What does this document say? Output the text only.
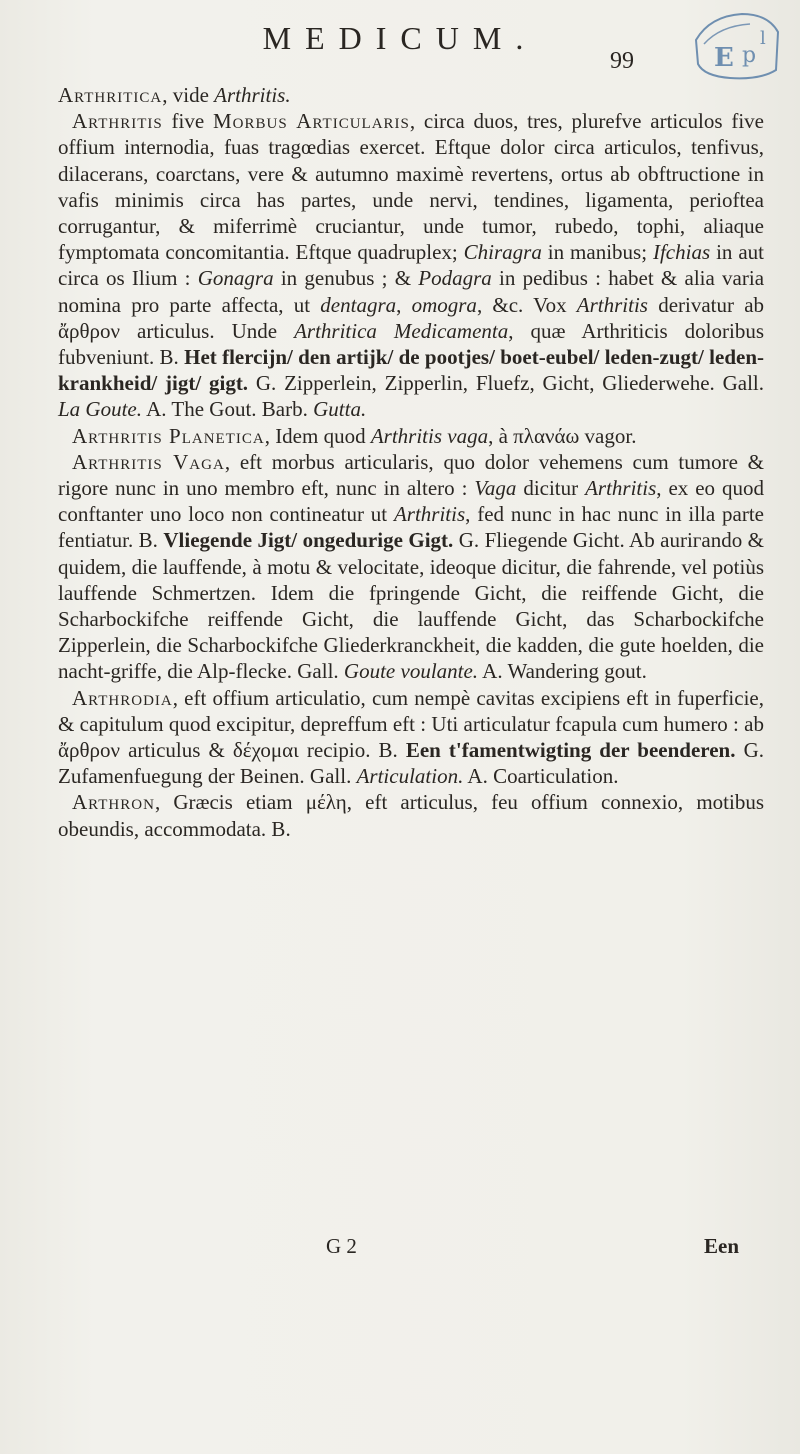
MEDICUM.
99	E p
l

Arthritica, vide Arthritis.

Arthritis five Morbus Articularis, circa duos, tres, plurefve articulos five offium internodia, fuas tragœdias exercet. Eftque dolor circa articulos, tenfivus, dilacerans, coarctans, vere & autumno maximè revertens, ortus ab obftructione in vafis minimis circa has partes, unde nervi, tendines, ligamenta, periofteа corrugantur, & miferrimè cruciantur, unde tumor, rubedo, tophi, aliaque fymptomata concomitantia. Eftque quadruplex; Chiragra in manibus; Ifchias in aut circa os Ilium : Gonagra in genubus ; & Podagra in pedibus : habet & alia varia nomina pro parte affecta, ut dentagra, omogra, &c. Vox Arthritis derivatur ab ἄρθρον articulus. Unde Arthritica Medicamenta, quæ Arthriticis doloribus fubveniunt. B. Het flercijn/ den artijk/ de pootjes/ boet-eubel/ leden-zugt/ leden-krankheid/ jigt/ gigt. G. Zipperlein, Zipperlin, Fluefz, Gicht, Gliederwehe. Gall. La Goute. A. The Gout. Barb. Gutta.

Arthritis Planetica, Idem quod Arthritis vaga, à πλανάω vagor.

Arthritis Vaga, eft morbus articularis, quo dolor vehemens cum tumore & rigore nunc in uno membro eft, nunc in altero : Vaga dicitur Arthritis, ex eo quod conftanter uno loco non contineatur ut Arthritis, fed nunc in hac nunc in illa parte fentiatur. B. Vliegende Jigt/ ongedurige Gigt. G. Fliegende Gicht. Ab auriгando & quidem, die lauffende, à motu & velocitate, ideoque dicitur, die fahrende, vel potiùs lauffende Schmertzen. Idem die fpringende Gicht, die reiffende Gicht, die Scharbockifche reiffende Gicht, die lauffende Gicht, das Scharbockifche Zipperlein, die Scharbockifche Gliederkranckheit, die kadden, die gute hoelden, die nacht-griffe, die Alp-flecke. Gall. Goute voulante. A. Wandering gout.

Arthrodia, eft offium articulatio, cum nempè cavitas excipiens eft in fuperficie, & capitulum quod excipitur, depreffum eft : Uti articulatur fcapula cum humero : ab ἄρθρον articulus & δέχομαι recipio. B. Een t'famentwigting der beenderen. G. Zufamenfuegung der Beinen. Gall. Articulation. A. Coarticulation.

Arthron, Græcis etiam μέλη, eft articulus, feu offium connexio, motibus obeundis, accommodata. B.

G 2	Een
